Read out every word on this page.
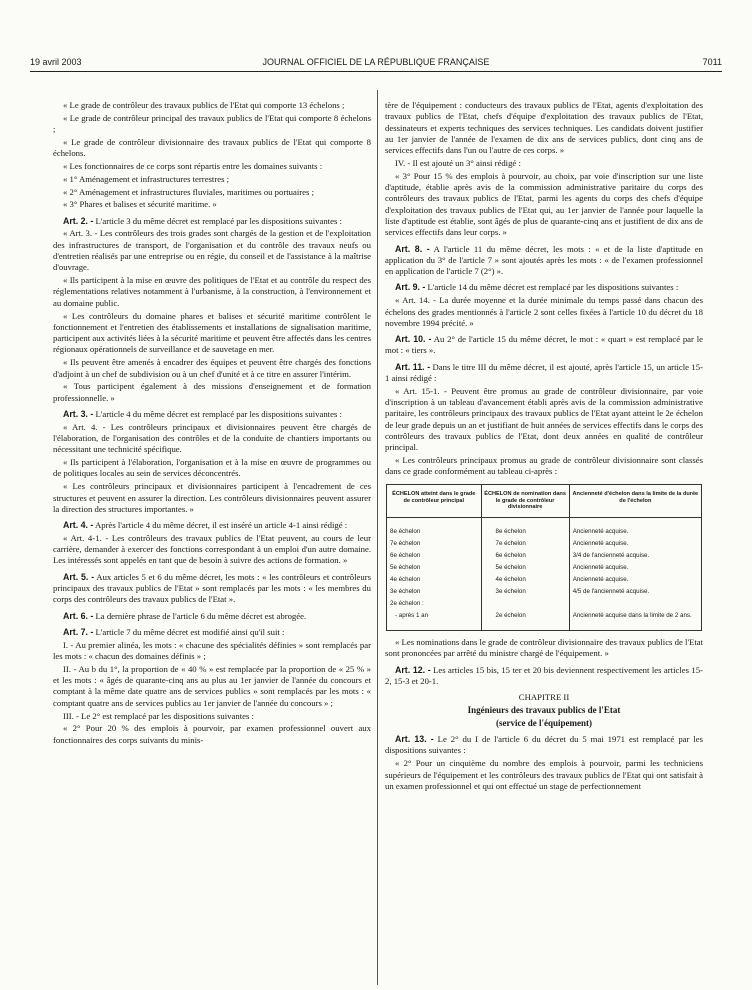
19 avril 2003	JOURNAL OFFICIEL DE LA RÉPUBLIQUE FRANÇAISE	7011

« Le grade de contrôleur des travaux publics de l'Etat qui comporte 13 échelons ;

« Le grade de contrôleur principal des travaux publics de l'Etat qui comporte 8 échelons ;

« Le grade de contrôleur divisionnaire des travaux publics de l'Etat qui comporte 8 échelons.

« Les fonctionnaires de ce corps sont répartis entre les domaines suivants :

« 1° Aménagement et infrastructures terrestres ;

« 2° Aménagement et infrastructures fluviales, maritimes ou portuaires ;

« 3° Phares et balises et sécurité maritime. »

Art. 2. - L'article 3 du même décret est remplacé par les dispositions suivantes :

« Art. 3. - Les contrôleurs des trois grades sont chargés de la gestion et de l'exploitation des infrastructures de transport, de l'organisation et du contrôle des travaux neufs ou d'entretien réalisés par une entreprise ou en régie, du conseil et de l'assistance à la maîtrise d'ouvrage.

« Ils participent à la mise en œuvre des politiques de l'Etat et au contrôle du respect des réglementations relatives notamment à l'urbanisme, à la construction, à l'environnement et au domaine public.

« Les contrôleurs du domaine phares et balises et sécurité maritime contrôlent le fonctionnement et l'entretien des établissements et installations de signalisation maritime, participent aux activités liées à la sécurité maritime et peuvent être affectés dans les centres régionaux opérationnels de surveillance et de sauvetage en mer.

« Ils peuvent être amenés à encadrer des équipes et peuvent être chargés des fonctions d'adjoint à un chef de subdivision ou à un chef d'unité et à ce titre en assurer l'intérim.

« Tous participent également à des missions d'enseignement et de formation professionnelle. »

Art. 3. - L'article 4 du même décret est remplacé par les dispositions suivantes :

« Art. 4. - Les contrôleurs principaux et divisionnaires peuvent être chargés de l'élaboration, de l'organisation des contrôles et de la conduite de chantiers importants ou nécessitant une technicité spécifique.

« Ils participent à l'élaboration, l'organisation et à la mise en œuvre de programmes ou de politiques locales au sein de services déconcentrés.

« Les contrôleurs principaux et divisionnaires participent à l'encadrement de ces structures et peuvent en assurer la direction. Les contrôleurs divisionnaires peuvent assurer la direction des structures importantes. »

Art. 4. - Après l'article 4 du même décret, il est inséré un article 4-1 ainsi rédigé :

« Art. 4-1. - Les contrôleurs des travaux publics de l'Etat peuvent, au cours de leur carrière, demander à exercer des fonctions correspondant à un emploi d'un autre domaine. Les intéressés sont appelés en tant que de besoin à suivre des actions de formation. »

Art. 5. - Aux articles 5 et 6 du même décret, les mots : « les contrôleurs et contrôleurs principaux des travaux publics de l'Etat » sont remplacés par les mots : « les membres du corps des contrôleurs des travaux publics de l'Etat ».

Art. 6. - La dernière phrase de l'article 6 du même décret est abrogée.

Art. 7. - L'article 7 du même décret est modifié ainsi qu'il suit :

I. - Au premier alinéa, les mots : « chacune des spécialités définies » sont remplacés par les mots : « chacun des domaines définis » ;

II. - Au b du 1°, la proportion de « 40 % » est remplacée par la proportion de « 25 % » et les mots : « âgés de quarante-cinq ans au plus au 1er janvier de l'année du concours et comptant à la même date quatre ans de services publics » sont remplacés par les mots : « comptant quatre ans de services publics au 1er janvier de l'année du concours » ;

III. - Le 2° est remplacé par les dispositions suivantes :

« 2° Pour 20 % des emplois à pourvoir, par examen professionnel ouvert aux fonctionnaires des corps suivants du minis-

tère de l'équipement : conducteurs des travaux publics de l'Etat, agents d'exploitation des travaux publics de l'Etat, chefs d'équipe d'exploitation des travaux publics de l'Etat, dessinateurs et experts techniques des services techniques. Les candidats doivent justifier au 1er janvier de l'année de l'examen de dix ans de services publics, dont cinq ans de services effectifs dans l'un ou l'autre de ces corps. »

IV. - Il est ajouté un 3° ainsi rédigé :

« 3° Pour 15 % des emplois à pourvoir, au choix, par voie d'inscription sur une liste d'aptitude, établie après avis de la commission administrative paritaire du corps des contrôleurs des travaux publics de l'Etat, parmi les agents du corps des chefs d'équipe d'exploitation des travaux publics de l'Etat qui, au 1er janvier de l'année pour laquelle la liste d'aptitude est établie, sont âgés de plus de quarante-cinq ans et justifient de dix ans de services effectifs dans leur corps. »

Art. 8. - A l'article 11 du même décret, les mots : « et de la liste d'aptitude en application du 3° de l'article 7 » sont ajoutés après les mots : « de l'examen professionnel en application de l'article 7 (2°) ».

Art. 9. - L'article 14 du même décret est remplacé par les dispositions suivantes :

« Art. 14. - La durée moyenne et la durée minimale du temps passé dans chacun des échelons des grades mentionnés à l'article 2 sont celles fixées à l'article 10 du décret du 18 novembre 1994 précité. »

Art. 10. - Au 2° de l'article 15 du même décret, le mot : « quart » est remplacé par le mot : « tiers ».

Art. 11. - Dans le titre III du même décret, il est ajouté, après l'article 15, un article 15-1 ainsi rédigé :

« Art. 15-1. - Peuvent être promus au grade de contrôleur divisionnaire, par voie d'inscription à un tableau d'avancement établi après avis de la commission administrative paritaire, les contrôleurs principaux des travaux publics de l'Etat ayant atteint le 2e échelon de leur grade depuis un an et justifiant de huit années de services effectifs dans le corps des contrôleurs des travaux publics de l'Etat, dont deux années en qualité de contrôleur principal.

« Les contrôleurs principaux promus au grade de contrôleur divisionnaire sont classés dans ce grade conformément au tableau ci-après :

ÉCHELON atteint dans le grade de contrôleur principal	ÉCHELON de nomination dans le grade de contrôleur divisionnaire	Ancienneté d'échelon dans la limite de la durée de l'échelon
8e échelon	8e échelon	Ancienneté acquise.
7e échelon	7e échelon	Ancienneté acquise.
6e échelon	6e échelon	3/4 de l'ancienneté acquise.
5e échelon	5e échelon	Ancienneté acquise.
4e échelon	4e échelon	Ancienneté acquise.
3e échelon	3e échelon	4/5 de l'ancienneté acquise.
2e échelon :		
- après 1 an	2e échelon	Ancienneté acquise dans la limite de 2 ans.

« Les nominations dans le grade de contrôleur divisionnaire des travaux publics de l'Etat sont prononcées par arrêté du ministre chargé de l'équipement. »

Art. 12. - Les articles 15 bis, 15 ter et 20 bis deviennent respectivement les articles 15-2, 15-3 et 20-1.

CHAPITRE II

Ingénieurs des travaux publics de l'Etat

(service de l'équipement)

Art. 13. - Le 2° du I de l'article 6 du décret du 5 mai 1971 est remplacé par les dispositions suivantes :

« 2° Pour un cinquième du nombre des emplois à pourvoir, parmi les techniciens supérieurs de l'équipement et les contrôleurs des travaux publics de l'Etat qui ont satisfait à un examen professionnel et qui ont effectué un stage de perfectionnement
